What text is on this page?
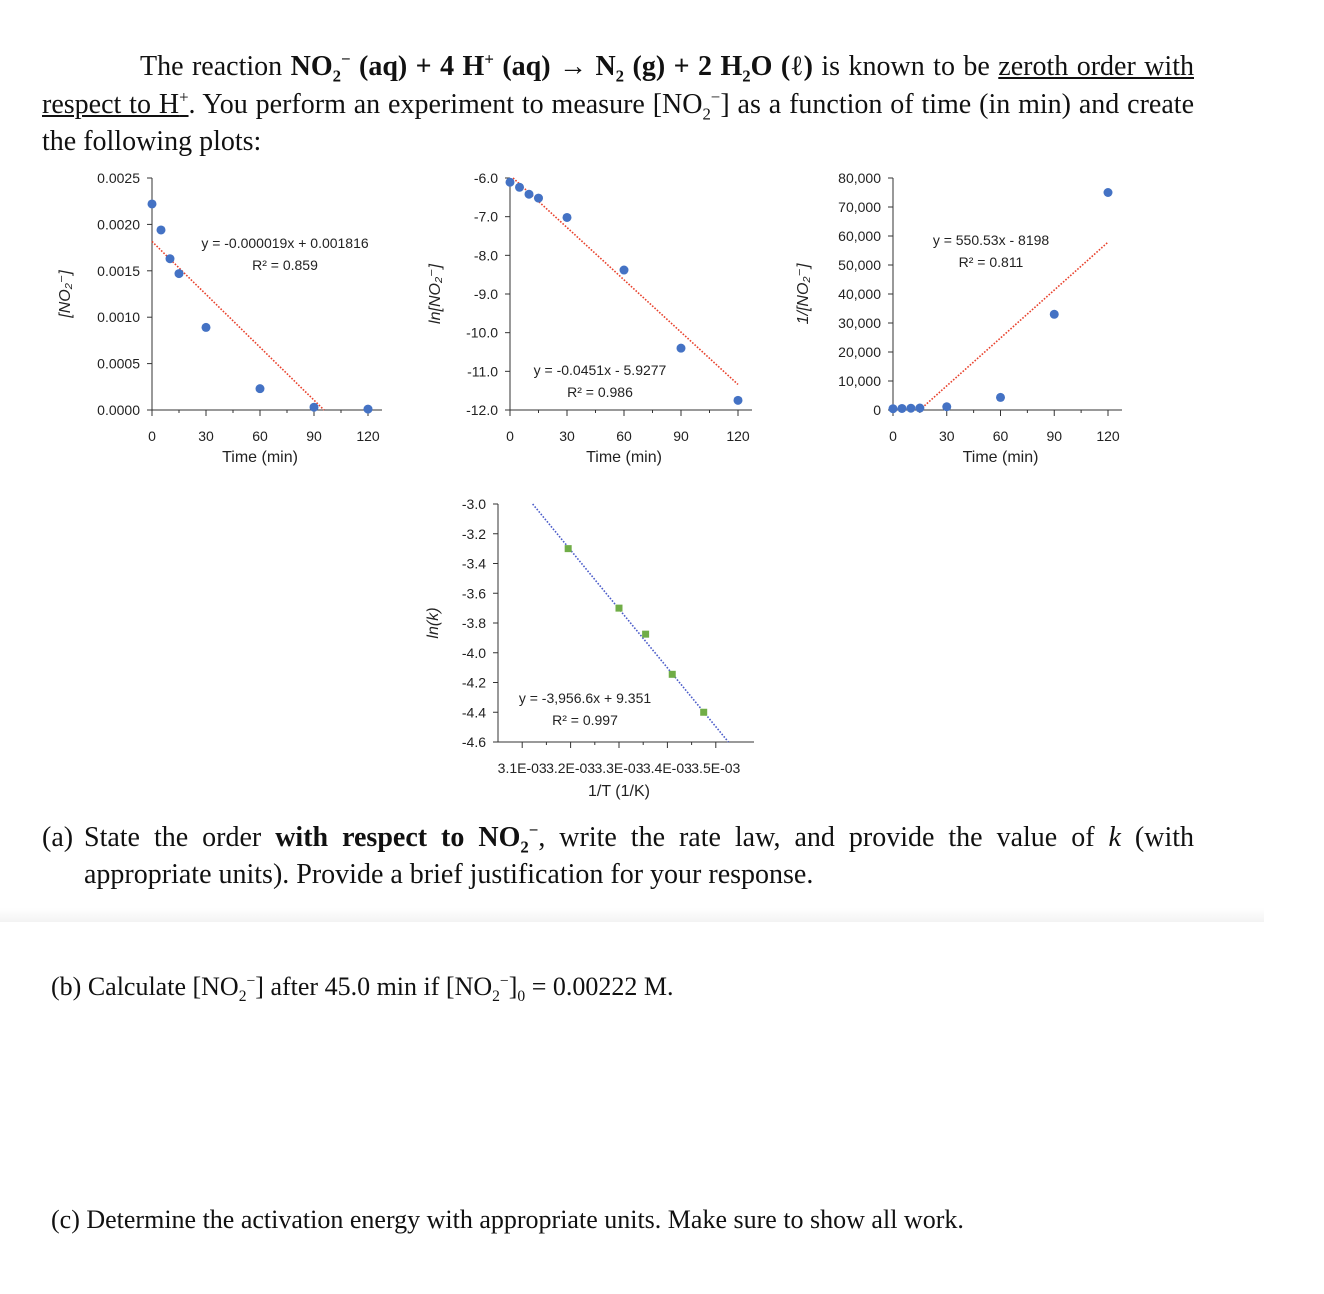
The reaction $NO_2^-$ (aq) + 4 H+ $(aq) \to N_2$ (g) + 2 $H_2O$ (ℓ) is known to be zeroth order with respect to H+. You perform an experiment to measure $[NO_2^-]$ as a function of time (in min) and create the following plots:
0.0000
0.0005
0.0010
0.0015
0.0020
0.0025
0	30	60	90 120
Time (min)
[NO₂⁻]
y = -0.000019x + 0.001816
R² = 0.859
-12.0
-11.0
-10.0
-9.0
-8.0
-7.0
-6.0
0	30	60	90	120
Time (min)
ln[NO₂⁻]
y = -0.0451x - 5.9277
R² = 0.986
0
10,000
20,000
30,000
40,000
50,000
60,000
70,000
80,000
0	30	60	90 120
Time (min)
1/[NO₂⁻]
y = 550.53x - 8198
R² = 0.811
-4.6
-4.4
-4.2
-4.0
-3.8
-3.6
-3.4
-3.2
-3.0
3.1E-03 3.2E-03 3.3E-03 3.4E-03 3.5E-03
1/T (1/K)
ln(k)
y = -3,956.6x + 9.351
R² = 0.997
(a) State the order with respect to $NO_2^-$, write the rate law, and provide the value of k (with appropriate units). Provide a brief justification for your response.
(b) Calculate $[NO_2^-]$ after 45.0 min if $[NO_2^-]_0 = 0.00222$ M.
(c) Determine the activation energy with appropriate units. Make sure to show all work.
